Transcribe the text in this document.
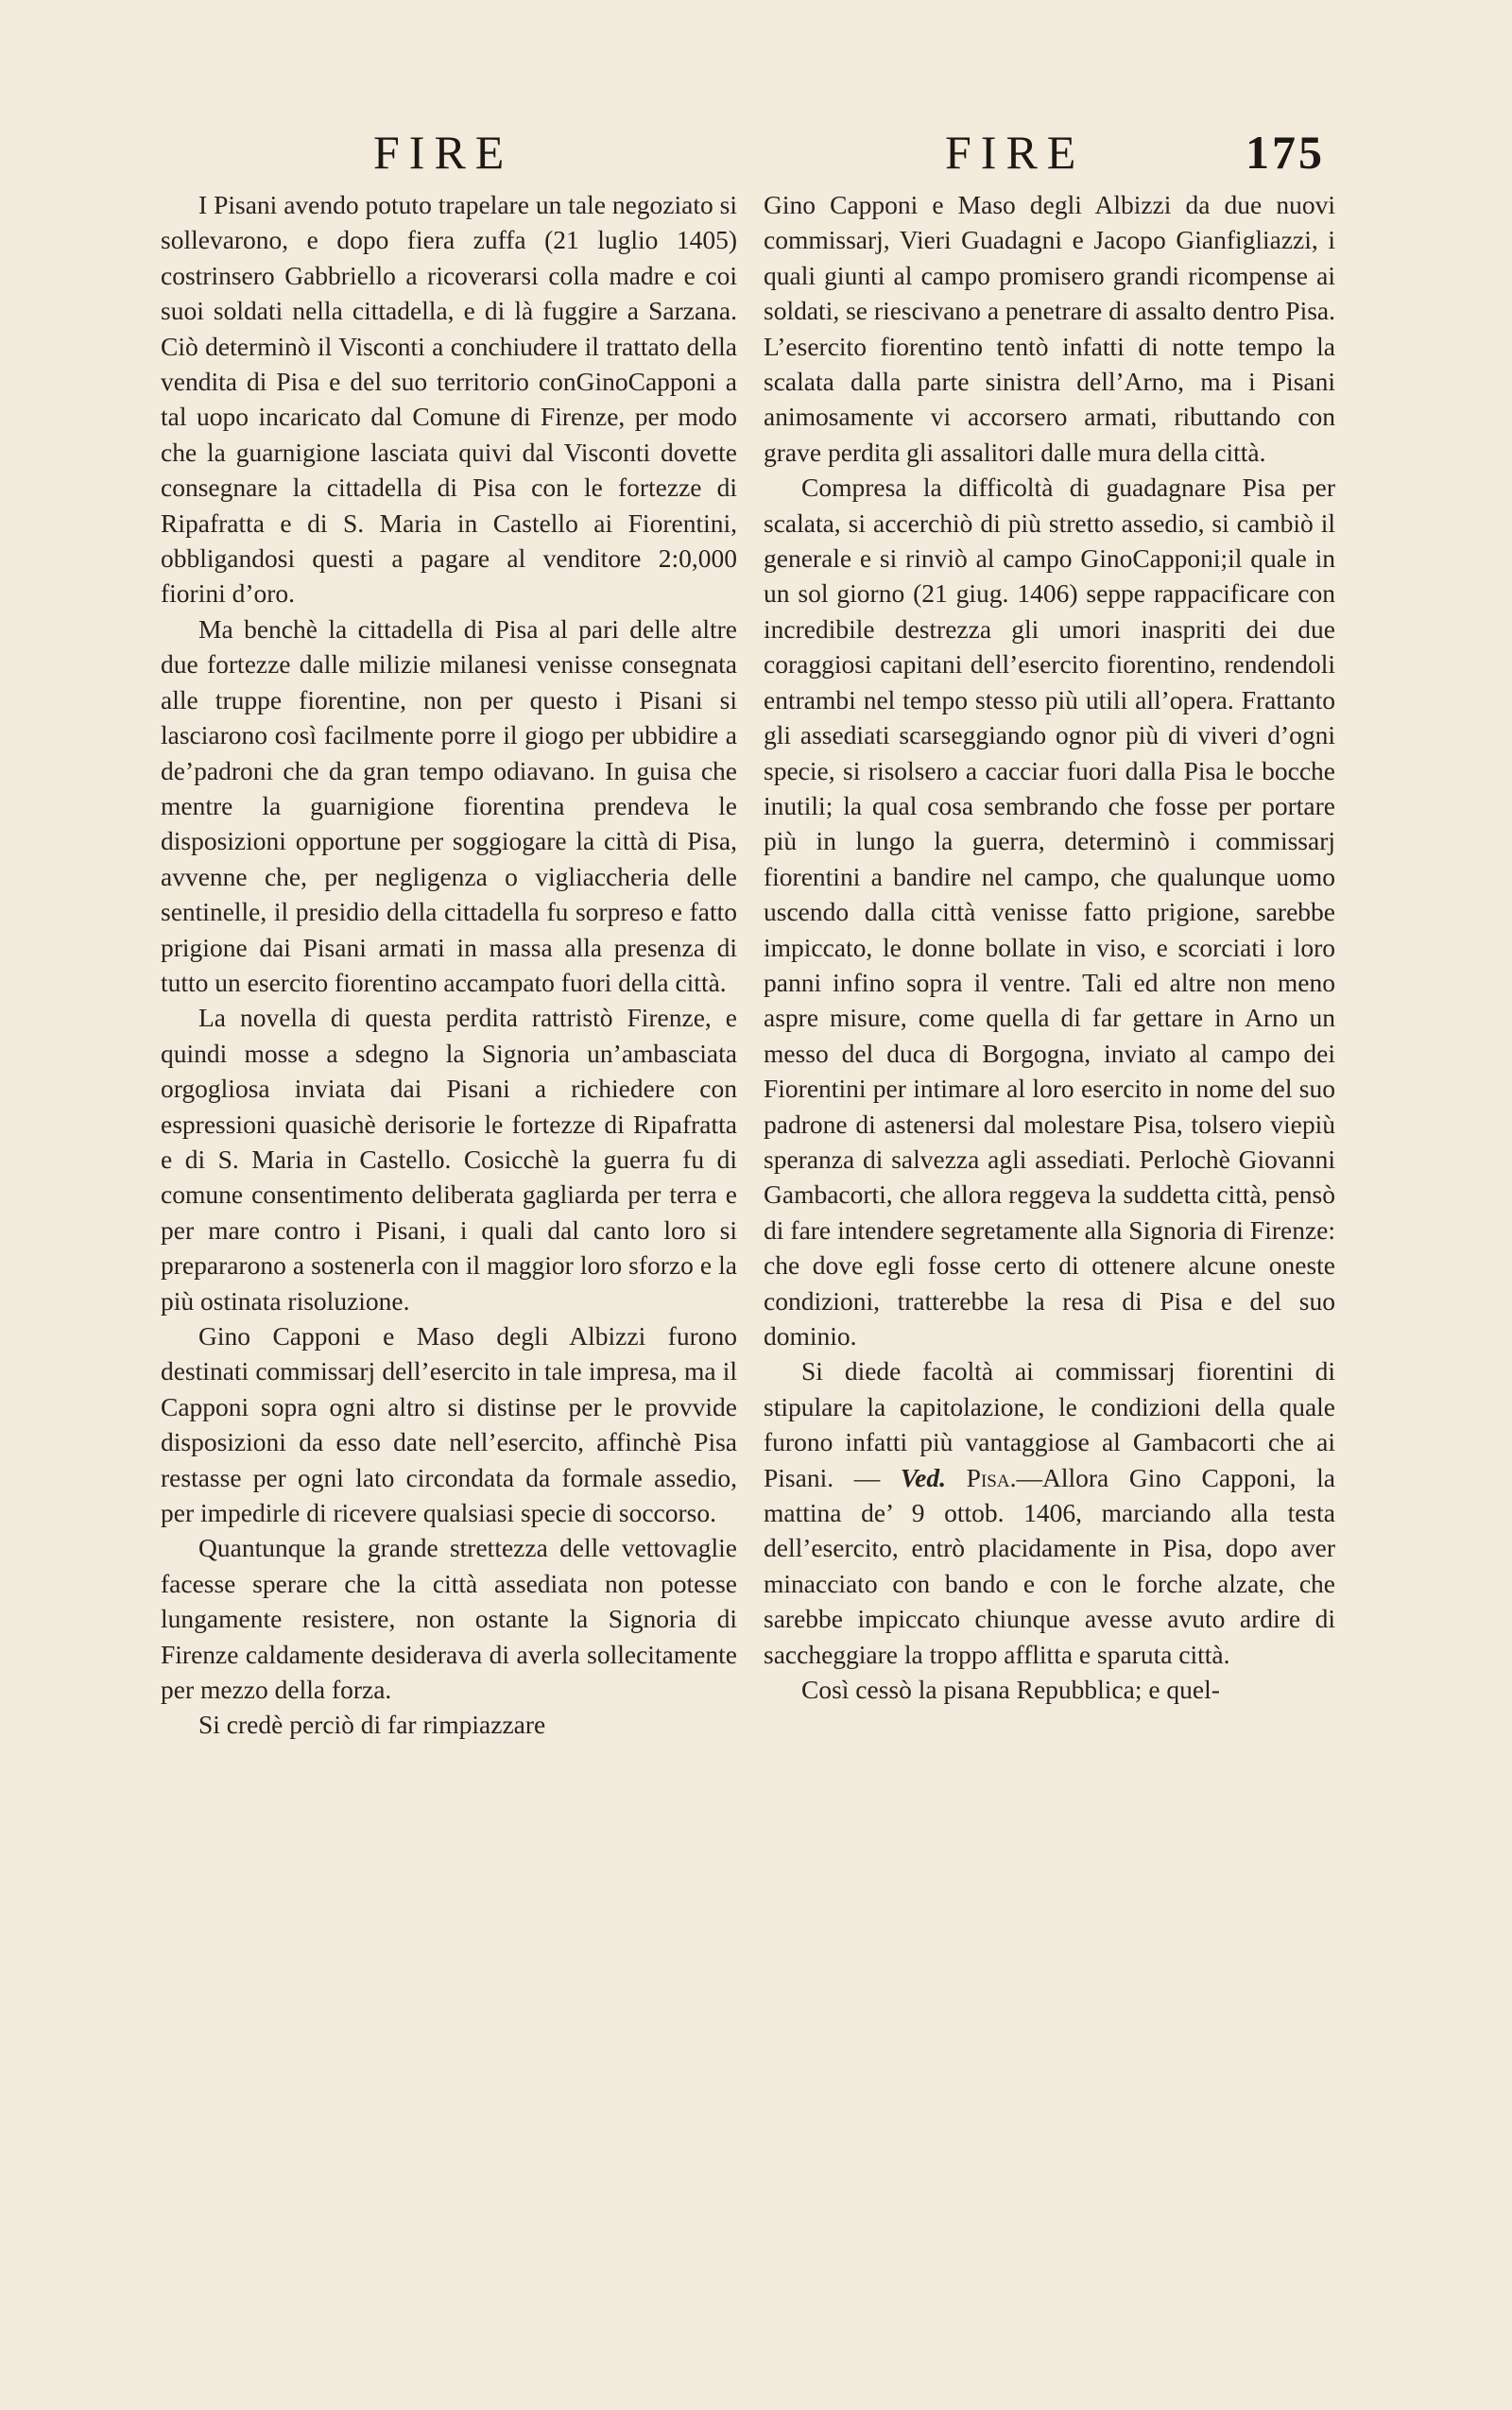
FIRE	FIRE	175

I Pisani avendo potuto trapelare un tale negoziato si sollevarono, e dopo fiera zuffa (21 luglio 1405) costrinsero Gabbriello a ricoverarsi colla madre e coi suoi soldati nella cittadella, e di là fuggire a Sarzana. Ciò determinò il Visconti a conchiudere il trattato della vendita di Pisa e del suo territorio conGinoCapponi a tal uopo incaricato dal Comune di Firenze, per modo che la guarnigione lasciata quivi dal Visconti dovette consegnare la cittadella di Pisa con le fortezze di Ripafratta e di S. Maria in Castello ai Fiorentini, obbligandosi questi a pagare al venditore 2:0,000 fiorini d’oro.

Ma benchè la cittadella di Pisa al pari delle altre due fortezze dalle milizie milanesi venisse consegnata alle truppe fiorentine, non per questo i Pisani si lasciarono così facilmente porre il giogo per ubbidire a de’padroni che da gran tempo odiavano. In guisa che mentre la guarnigione fiorentina prendeva le disposizioni opportune per soggiogare la città di Pisa, avvenne che, per negligenza o vigliaccheria delle sentinelle, il presidio della cittadella fu sorpreso e fatto prigione dai Pisani armati in massa alla presenza di tutto un esercito fiorentino accampato fuori della città.

La novella di questa perdita rattristò Firenze, e quindi mosse a sdegno la Signoria un’ambasciata orgogliosa inviata dai Pisani a richiedere con espressioni quasichè derisorie le fortezze di Ripafratta e di S. Maria in Castello. Cosicchè la guerra fu di comune consentimento deliberata gagliarda per terra e per mare contro i Pisani, i quali dal canto loro si prepararono a sostenerla con il maggior loro sforzo e la più ostinata risoluzione.

Gino Capponi e Maso degli Albizzi furono destinati commissarj dell’esercito in tale impresa, ma il Capponi sopra ogni altro si distinse per le provvide disposizioni da esso date nell’esercito, affinchè Pisa restasse per ogni lato circondata da formale assedio, per impedirle di ricevere qualsiasi specie di soccorso.

Quantunque la grande strettezza delle vettovaglie facesse sperare che la città assediata non potesse lungamente resistere, non ostante la Signoria di Firenze caldamente desiderava di averla sollecitamente per mezzo della forza.

Si credè perciò di far rimpiazzare

Gino Capponi e Maso degli Albizzi da due nuovi commissarj, Vieri Guadagni e Jacopo Gianfigliazzi, i quali giunti al campo promisero grandi ricompense ai soldati, se riescivano a penetrare di assalto dentro Pisa. L’esercito fiorentino tentò infatti di notte tempo la scalata dalla parte sinistra dell’Arno, ma i Pisani animosamente vi accorsero armati, ributtando con grave perdita gli assalitori dalle mura della città.

Compresa la difficoltà di guadagnare Pisa per scalata, si accerchiò di più stretto assedio, si cambiò il generale e si rinviò al campo GinoCapponi;il quale in un sol giorno (21 giug. 1406) seppe rappacificare con incredibile destrezza gli umori inaspriti dei due coraggiosi capitani dell’esercito fiorentino, rendendoli entrambi nel tempo stesso più utili all’opera. Frattanto gli assediati scarseggiando ognor più di viveri d’ogni specie, si risolsero a cacciar fuori dalla Pisa le bocche inutili; la qual cosa sembrando che fosse per portare più in lungo la guerra, determinò i commissarj fiorentini a bandire nel campo, che qualunque uomo uscendo dalla città venisse fatto prigione, sarebbe impiccato, le donne bollate in viso, e scorciati i loro panni infino sopra il ventre. Tali ed altre non meno aspre misure, come quella di far gettare in Arno un messo del duca di Borgogna, inviato al campo dei Fiorentini per intimare al loro esercito in nome del suo padrone di astenersi dal molestare Pisa, tolsero viepiù speranza di salvezza agli assediati. Perlochè Giovanni Gambacorti, che allora reggeva la suddetta città, pensò di fare intendere segretamente alla Signoria di Firenze: che dove egli fosse certo di ottenere alcune oneste condizioni, tratterebbe la resa di Pisa e del suo dominio.

Si diede facoltà ai commissarj fiorentini di stipulare la capitolazione, le condizioni della quale furono infatti più vantaggiose al Gambacorti che ai Pisani. — Ved. Pisa.—Allora Gino Capponi, la mattina de’ 9 ottob. 1406, marciando alla testa dell’esercito, entrò placidamente in Pisa, dopo aver minacciato con bando e con le forche alzate, che sarebbe impiccato chiunque avesse avuto ardire di saccheggiare la troppo afflitta e sparuta città.

Così cessò la pisana Repubblica; e quel-
